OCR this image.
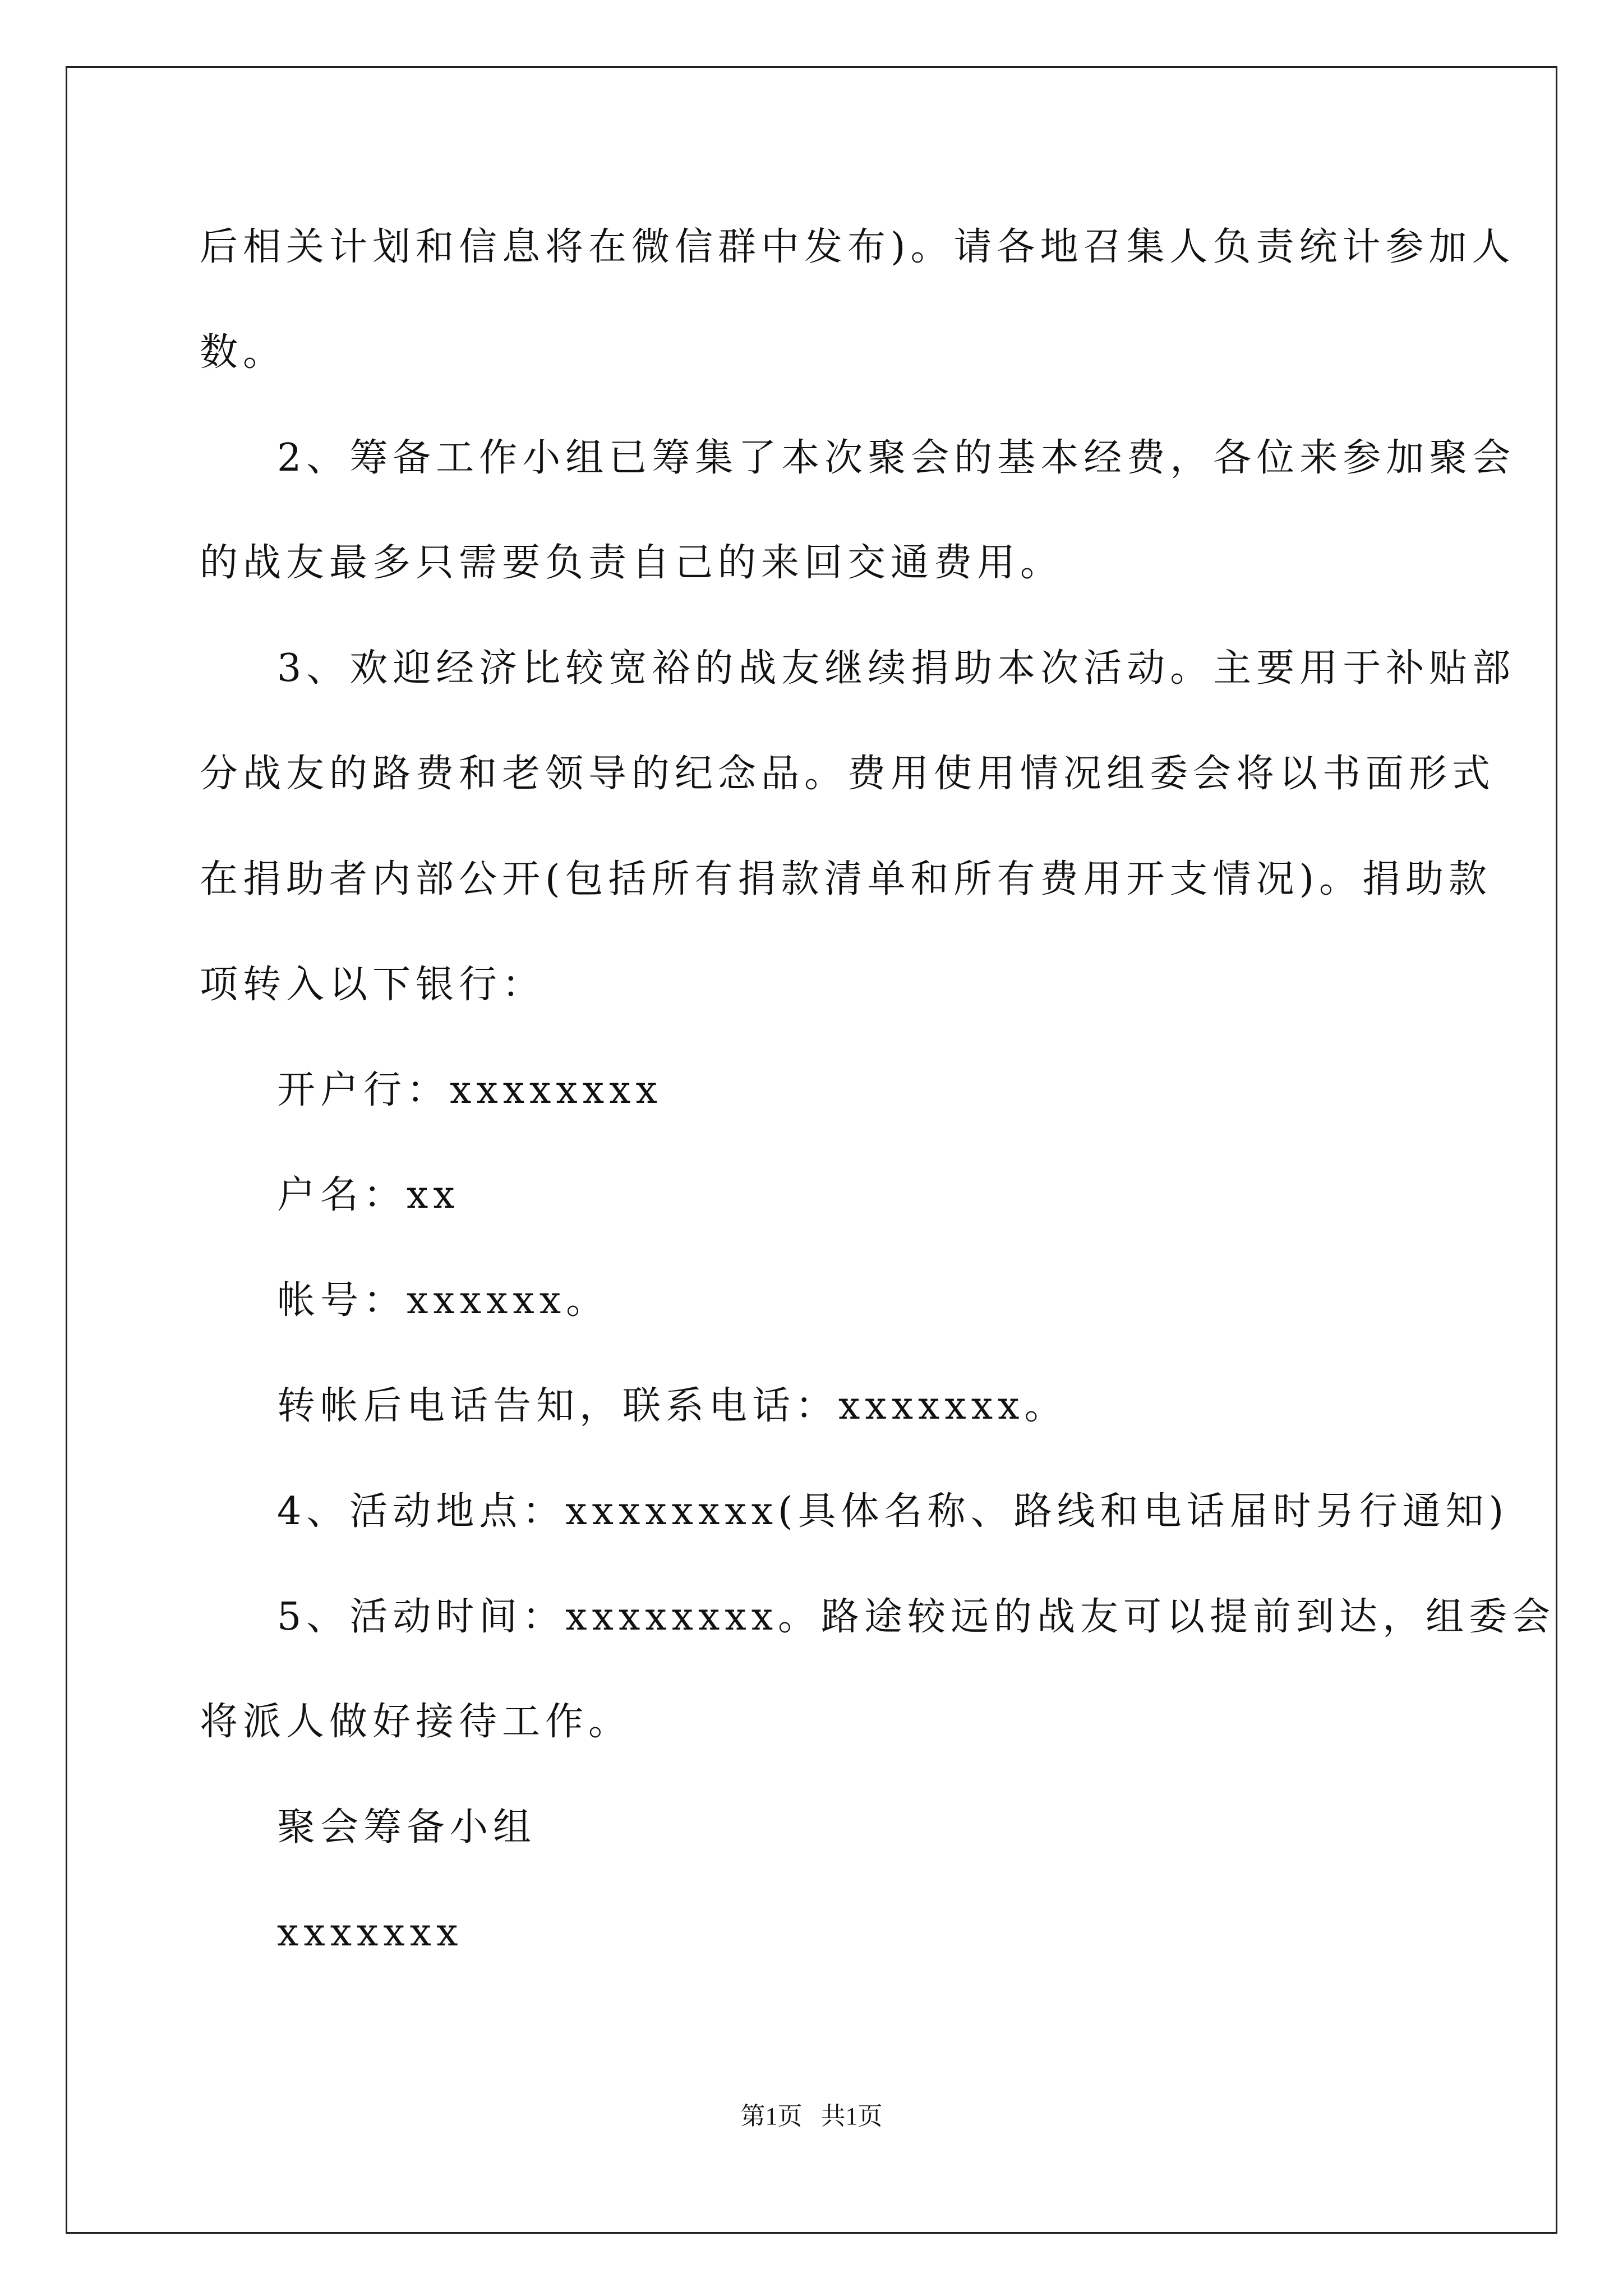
后相关计划和信息将在微信群中发布)。请各地召集人负责统计参加人
数。
2、筹备工作小组已筹集了本次聚会的基本经费，各位来参加聚会
的战友最多只需要负责自己的来回交通费用。
3、欢迎经济比较宽裕的战友继续捐助本次活动。主要用于补贴部
分战友的路费和老领导的纪念品。费用使用情况组委会将以书面形式
在捐助者内部公开(包括所有捐款清单和所有费用开支情况)。捐助款
项转入以下银行：
开户行：xxxxxxxx
户名：xx
帐号：xxxxxx。
转帐后电话告知，联系电话：xxxxxxx。
4、活动地点：xxxxxxxx(具体名称、路线和电话届时另行通知)
5、活动时间：xxxxxxxx。路途较远的战友可以提前到达，组委会
将派人做好接待工作。
聚会筹备小组
xxxxxxx
第1页   共1页
